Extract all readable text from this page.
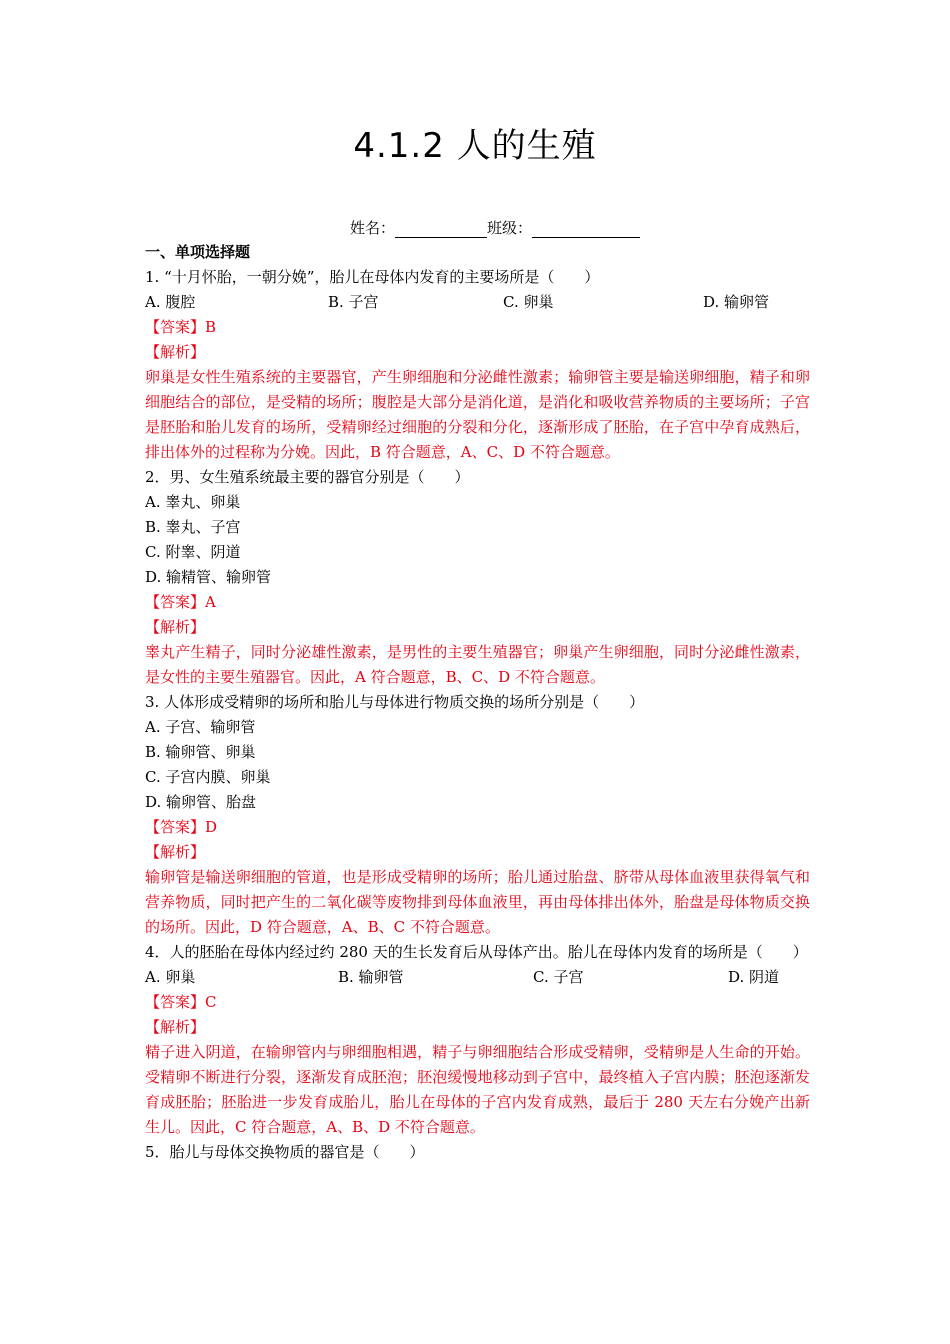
4.1.2 人的生殖
姓名：	班级：
一、单项选择题
1. “十月怀胎，一朝分娩”，胎儿在母体内发育的主要场所是（　　）
A. 腹腔	B. 子宫	C. 卵巢	D. 输卵管
【答案】B
【解析】
卵巢是女性生殖系统的主要器官，产生卵细胞和分泌雌性激素；输卵管主要是输送卵细胞，精子和卵细胞结合的部位，是受精的场所；腹腔是大部分是消化道，是消化和吸收营养物质的主要场所；子宫是胚胎和胎儿发育的场所，受精卵经过细胞的分裂和分化，逐渐形成了胚胎，在子宫中孕育成熟后，排出体外的过程称为分娩。因此，B 符合题意，A、C、D 不符合题意。
2．男、女生殖系统最主要的器官分别是（　　）
A. 睾丸、卵巢
B. 睾丸、子宫
C. 附睾、阴道
D. 输精管、输卵管
【答案】A
【解析】
睾丸产生精子，同时分泌雄性激素，是男性的主要生殖器官；卵巢产生卵细胞，同时分泌雌性激素，是女性的主要生殖器官。因此，A 符合题意，B、C、D 不符合题意。
3. 人体形成受精卵的场所和胎儿与母体进行物质交换的场所分别是（　　）
A. 子宫、输卵管
B. 输卵管、卵巢
C. 子宫内膜、卵巢
D. 输卵管、胎盘
【答案】D
【解析】
输卵管是输送卵细胞的管道，也是形成受精卵的场所；胎儿通过胎盘、脐带从母体血液里获得氧气和营养物质，同时把产生的二氧化碳等废物排到母体血液里，再由母体排出体外，胎盘是母体物质交换的场所。因此，D 符合题意，A、B、C 不符合题意。
4．人的胚胎在母体内经过约 280 天的生长发育后从母体产出。胎儿在母体内发育的场所是（　　）
A. 卵巢	B. 输卵管	C. 子宫	D. 阴道
【答案】C
【解析】
精子进入阴道，在输卵管内与卵细胞相遇，精子与卵细胞结合形成受精卵，受精卵是人生命的开始。受精卵不断进行分裂，逐渐发育成胚泡；胚泡缓慢地移动到子宫中，最终植入子宫内膜；胚泡逐渐发育成胚胎；胚胎进一步发育成胎儿，胎儿在母体的子宫内发育成熟，最后于 280 天左右分娩产出新生儿。因此，C 符合题意，A、B、D 不符合题意。
5．胎儿与母体交换物质的器官是（　　）
